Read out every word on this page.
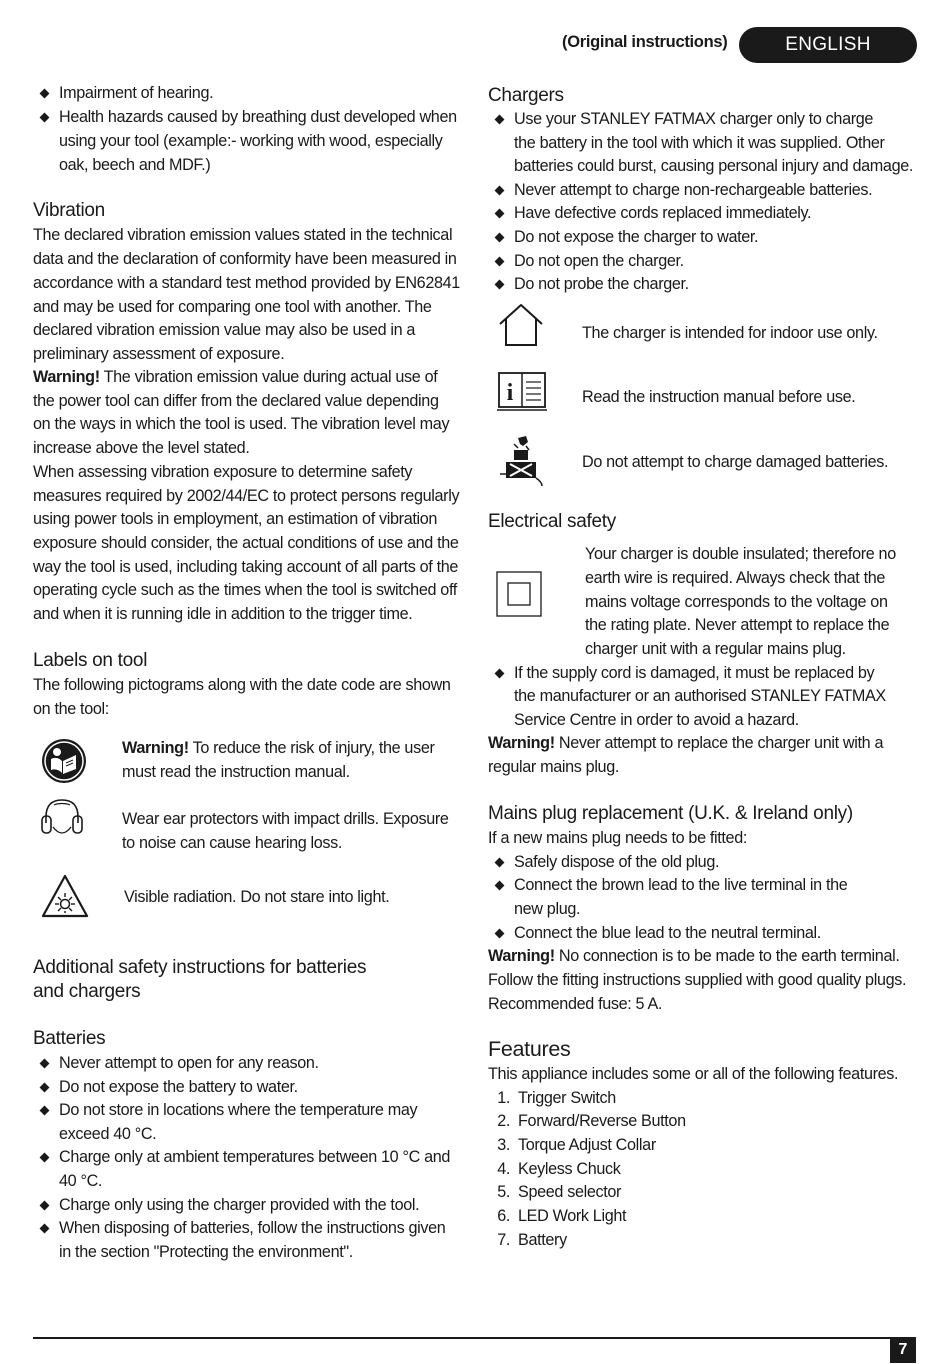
(Original instructions)	ENGLISH
Impairment of hearing.
Health hazards caused by breathing dust developed when
using your tool (example:- working with wood, especially
oak, beech and MDF.)
Vibration
The declared vibration emission values stated in the technical
data and the declaration of conformity have been measured in
accordance with a standard test method provided by EN62841
and may be used for comparing one tool with another. The
declared vibration emission value may also be used in a
preliminary assessment of exposure.
Warning! The vibration emission value during actual use of
the power tool can differ from the declared value depending
on the ways in which the tool is used. The vibration level may
increase above the level stated.
When assessing vibration exposure to determine safety
measures required by 2002/44/EC to protect persons regularly
using power tools in employment, an estimation of vibration
exposure should consider, the actual conditions of use and the
way the tool is used, including taking account of all parts of the
operating cycle such as the times when the tool is switched off
and when it is running idle in addition to the trigger time.
Labels on tool
The following pictograms along with the date code are shown
on the tool:
Warning! To reduce the risk of injury, the user
must read the instruction manual.
Wear ear protectors with impact drills. Exposure
to noise can cause hearing loss.
Visible radiation. Do not stare into light.
Additional safety instructions for batteries
and chargers
Batteries
Never attempt to open for any reason.
Do not expose the battery to water.
Do not store in locations where the temperature may
exceed 40 °C.
Charge only at ambient temperatures between 10 °C and
40 °C.
Charge only using the charger provided with the tool.
When disposing of batteries, follow the instructions given
in the section "Protecting the environment".
Chargers
Use your STANLEY FATMAX charger only to charge
the battery in the tool with which it was supplied. Other
batteries could burst, causing personal injury and damage.
Never attempt to charge non-rechargeable batteries.
Have defective cords replaced immediately.
Do not expose the charger to water.
Do not open the charger.
Do not probe the charger.
The charger is intended for indoor use only.
i	Read the instruction manual before use.
Do not attempt to charge damaged batteries.
Electrical safety
Your charger is double insulated; therefore no
earth wire is required. Always check that the
mains voltage corresponds to the voltage on
the rating plate. Never attempt to replace the
charger unit with a regular mains plug.
If the supply cord is damaged, it must be replaced by
the manufacturer or an authorised STANLEY FATMAX
Service Centre in order to avoid a hazard.
Warning! Never attempt to replace the charger unit with a
regular mains plug.
Mains plug replacement (U.K. & Ireland only)
If a new mains plug needs to be fitted:
Safely dispose of the old plug.
Connect the brown lead to the live terminal in the
new plug.
Connect the blue lead to the neutral terminal.
Warning! No connection is to be made to the earth terminal.
Follow the fitting instructions supplied with good quality plugs.
Recommended fuse: 5 A.
Features
This appliance includes some or all of the following features.
1. Trigger Switch
2. Forward/Reverse Button
3. Torque Adjust Collar
4. Keyless Chuck
5. Speed selector
6. LED Work Light
7. Battery
7
